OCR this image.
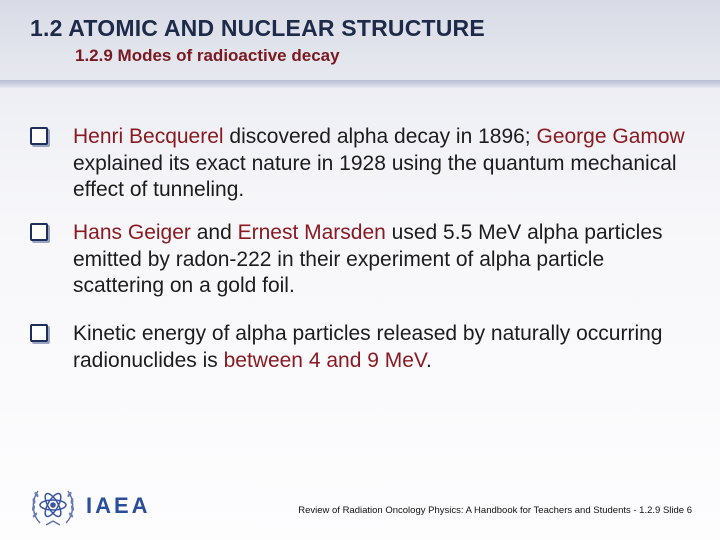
1.2 ATOMIC AND NUCLEAR STRUCTURE
1.2.9 Modes of radioactive decay

Henri Becquerel discovered alpha decay in 1896; George Gamow explained its exact nature in 1928 using the quantum mechanical effect of tunneling.

Hans Geiger and Ernest Marsden used 5.5 MeV alpha particles emitted by radon-222 in their experiment of alpha particle scattering on a gold foil.

Kinetic energy of alpha particles released by naturally occurring radionuclides is between 4 and 9 MeV.

IAEA	Review of Radiation Oncology Physics: A Handbook for Teachers and Students - 1.2.9 Slide 6
